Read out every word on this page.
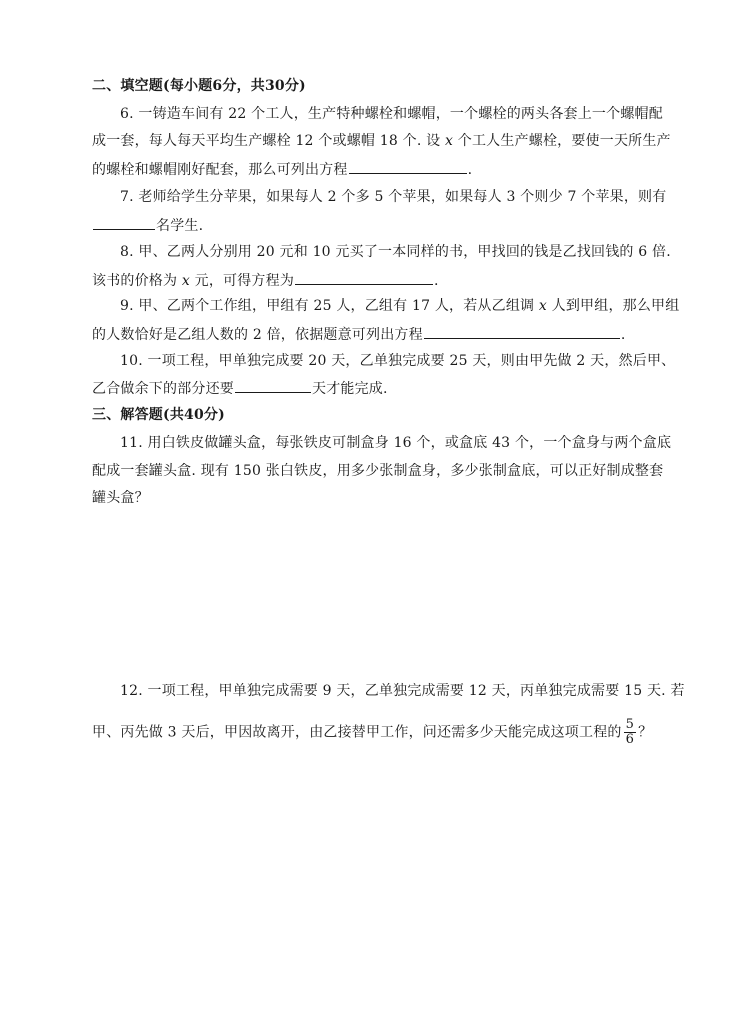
二、填空题(每小题6分，共30分)
6. 一铸造车间有 22 个工人，生产特种螺栓和螺帽，一个螺栓的两头各套上一个螺帽配
成一套，每人每天平均生产螺栓 12 个或螺帽 18 个. 设 x 个工人生产螺栓，要使一天所生产
的螺栓和螺帽刚好配套，那么可列出方程	.
7. 老师给学生分苹果，如果每人 2 个多 5 个苹果，如果每人 3 个则少 7 个苹果，则有
名学生.
8. 甲、乙两人分别用 20 元和 10 元买了一本同样的书，甲找回的钱是乙找回钱的 6 倍.
该书的价格为 x 元，可得方程为	.
9. 甲、乙两个工作组，甲组有 25 人，乙组有 17 人，若从乙组调 x 人到甲组，那么甲组
的人数恰好是乙组人数的 2 倍，依据题意可列出方程	.
10. 一项工程，甲单独完成要 20 天，乙单独完成要 25 天，则由甲先做 2 天，然后甲、
乙合做余下的部分还要	天才能完成.
三、解答题(共40分)
11. 用白铁皮做罐头盒，每张铁皮可制盒身 16 个，或盒底 43 个，一个盒身与两个盒底
配成一套罐头盒. 现有 150 张白铁皮，用多少张制盒身，多少张制盒底，可以正好制成整套
罐头盒？
12. 一项工程，甲单独完成需要 9 天，乙单独完成需要 12 天，丙单独完成需要 15 天. 若
甲、丙先做 3 天后，甲因故离开，由乙接替甲工作，问还需多少天能完成这项工程的 $\frac{5}{6}$ ？
